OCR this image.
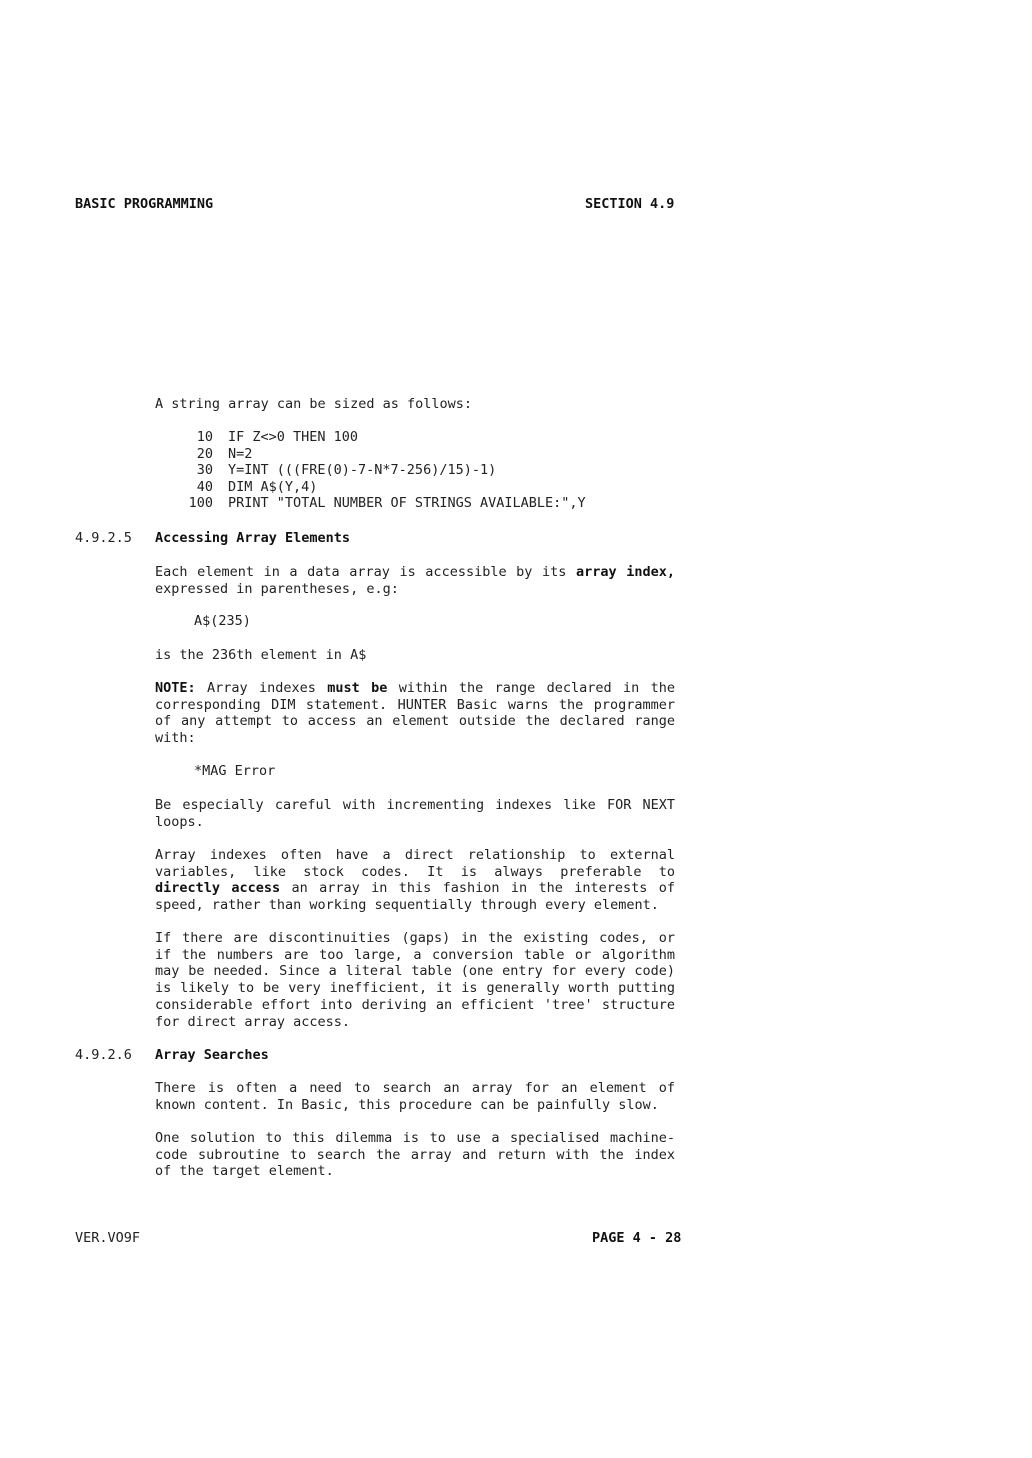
BASIC PROGRAMMING	SECTION 4.9
A string array can be sized as follows:
10 IF Z<>0 THEN 100
20 N=2
30 Y=INT (((FRE(0)-7-N*7-256)/15)-1)
40 DIM A$(Y,4)
100 PRINT "TOTAL NUMBER OF STRINGS AVAILABLE:",Y
4.9.2.5 Accessing Array Elements

Each element in a data array is accessible by its array index, expressed in parentheses, e.g:

A$(235)
is the 236th element in A$

NOTE: Array indexes must be within the range declared in the corresponding DIM statement. HUNTER Basic warns the programmer of any attempt to access an element outside the declared range with:

*MAG Error

Be especially careful with incrementing indexes like FOR NEXT loops.

Array indexes often have a direct relationship to external variables, like stock codes. It is always preferable to directly access an array in this fashion in the interests of speed, rather than working sequentially through every element.

If there are discontinuities (gaps) in the existing codes, or if the numbers are too large, a conversion table or algorithm may be needed. Since a literal table (one entry for every code) is likely to be very inefficient, it is generally worth putting considerable effort into deriving an efficient 'tree' structure for direct array access.

4.9.2.6 Array Searches

There is often a need to search an array for an element of known content. In Basic, this procedure can be painfully slow.

One solution to this dilemma is to use a specialised machine-code subroutine to search the array and return with the index of the target element.

VER.VO9F	PAGE 4 - 28
